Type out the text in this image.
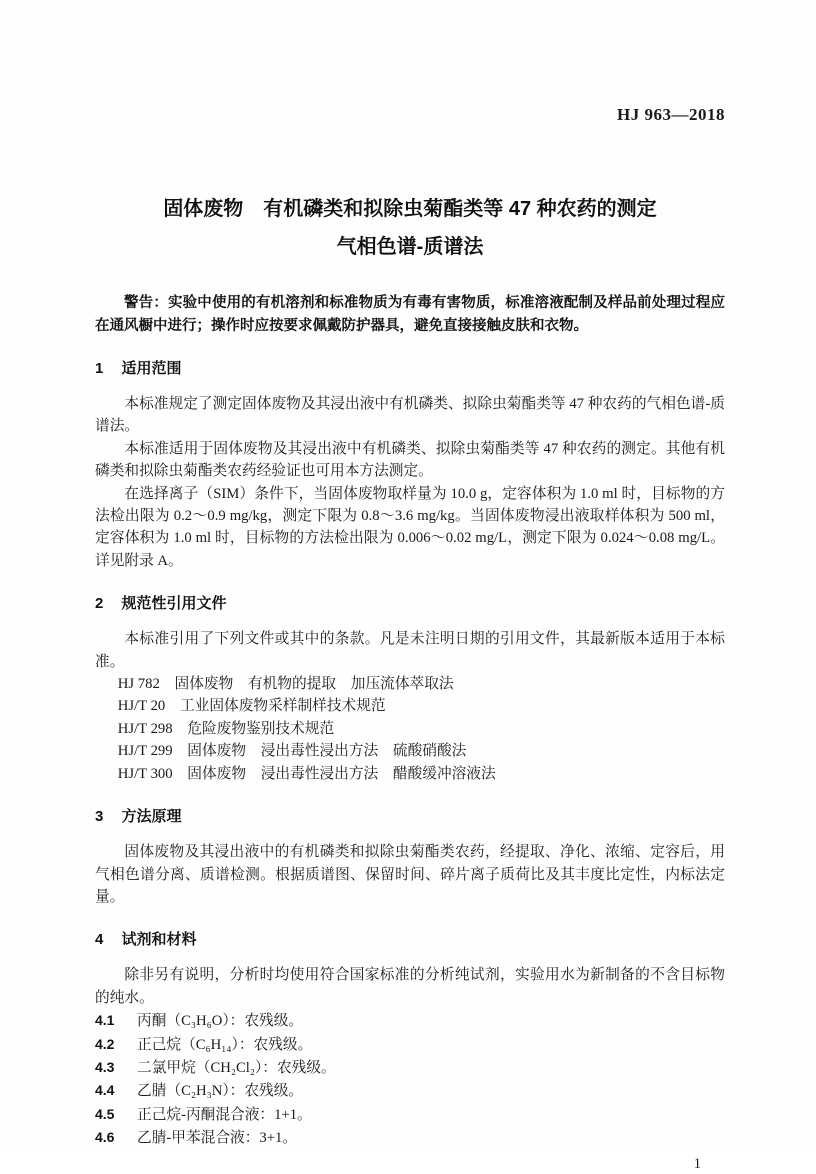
HJ 963—2018
固体废物　有机磷类和拟除虫菊酯类等 47 种农药的测定
气相色谱-质谱法

警告：实验中使用的有机溶剂和标准物质为有毒有害物质，标准溶液配制及样品前处理过程应在通风橱中进行；操作时应按要求佩戴防护器具，避免直接接触皮肤和衣物。

1 适用范围

本标准规定了测定固体废物及其浸出液中有机磷类、拟除虫菊酯类等 47 种农药的气相色谱-质谱法。

本标准适用于固体废物及其浸出液中有机磷类、拟除虫菊酯类等 47 种农药的测定。其他有机磷类和拟除虫菊酯类农药经验证也可用本方法测定。

在选择离子（SIM）条件下，当固体废物取样量为 10.0 g，定容体积为 1.0 ml 时，目标物的方法检出限为 0.2～0.9 mg/kg，测定下限为 0.8～3.6 mg/kg。当固体废物浸出液取样体积为 500 ml，定容体积为 1.0 ml 时，目标物的方法检出限为 0.006～0.02 mg/L，测定下限为 0.024～0.08 mg/L。详见附录 A。

2 规范性引用文件

本标准引用了下列文件或其中的条款。凡是未注明日期的引用文件，其最新版本适用于本标准。

HJ 782 固体废物　有机物的提取　加压流体萃取法
HJ/T 20 工业固体废物采样制样技术规范
HJ/T 298 危险废物鉴别技术规范
HJ/T 299 固体废物　浸出毒性浸出方法　硫酸硝酸法
HJ/T 300 固体废物　浸出毒性浸出方法　醋酸缓冲溶液法
3 方法原理

固体废物及其浸出液中的有机磷类和拟除虫菊酯类农药，经提取、净化、浓缩、定容后，用气相色谱分离、质谱检测。根据质谱图、保留时间、碎片离子质荷比及其丰度比定性，内标法定量。

4 试剂和材料

除非另有说明，分析时均使用符合国家标准的分析纯试剂，实验用水为新制备的不含目标物的纯水。

4.1 丙酮（C₃H₆O）：农残级。
4.2 正己烷（C₆H₁₄）：农残级。
4.3 二氯甲烷（CH₂Cl₂）：农残级。
4.4 乙腈（C₂H₃N）：农残级。
4.5 正己烷-丙酮混合液：1+1。
4.6 乙腈-甲苯混合液：3+1。
1
